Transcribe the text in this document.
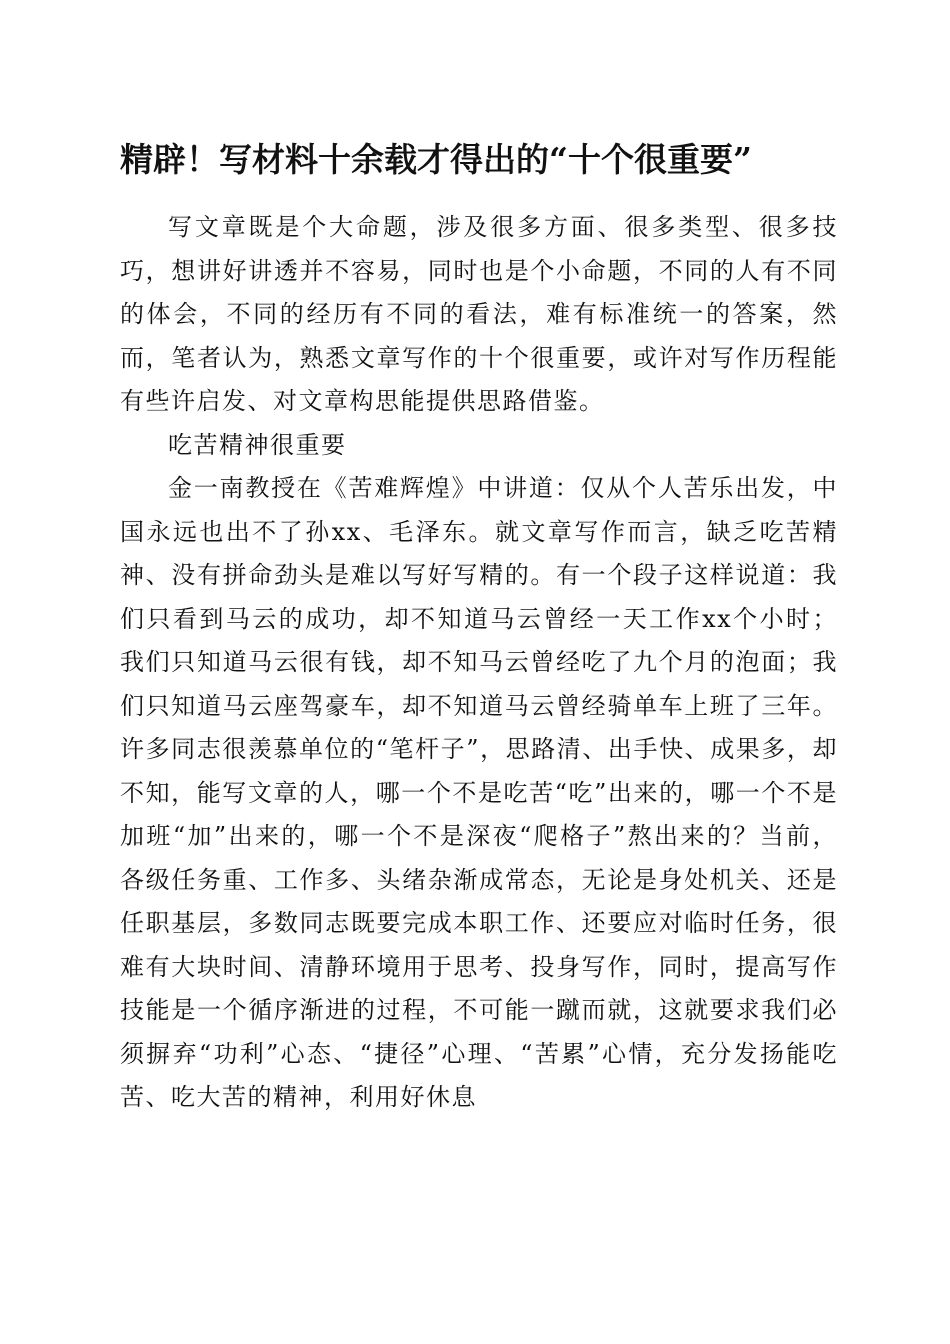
精辟！写材料十余载才得出的“十个很重要”

写文章既是个大命题，涉及很多方面、很多类型、很多技巧，想讲好讲透并不容易，同时也是个小命题，不同的人有不同的体会，不同的经历有不同的看法，难有标准统一的答案，然而，笔者认为，熟悉文章写作的十个很重要，或许对写作历程能有些许启发、对文章构思能提供思路借鉴。

吃苦精神很重要

金一南教授在《苦难辉煌》中讲道：仅从个人苦乐出发，中国永远也出不了孙xx、毛泽东。就文章写作而言，缺乏吃苦精神、没有拼命劲头是难以写好写精的。有一个段子这样说道：我们只看到马云的成功，却不知道马云曾经一天工作xx个小时；我们只知道马云很有钱，却不知马云曾经吃了九个月的泡面；我们只知道马云座驾豪车，却不知道马云曾经骑单车上班了三年。许多同志很羡慕单位的“笔杆子”，思路清、出手快、成果多，却不知，能写文章的人，哪一个不是吃苦“吃”出来的，哪一个不是加班“加”出来的，哪一个不是深夜“爬格子”熬出来的？当前，各级任务重、工作多、头绪杂渐成常态，无论是身处机关、还是任职基层，多数同志既要完成本职工作、还要应对临时任务，很难有大块时间、清静环境用于思考、投身写作，同时，提高写作技能是一个循序渐进的过程，不可能一蹴而就，这就要求我们必须摒弃“功利”心态、“捷径”心理、“苦累”心情，充分发扬能吃苦、吃大苦的精神，利用好休息
